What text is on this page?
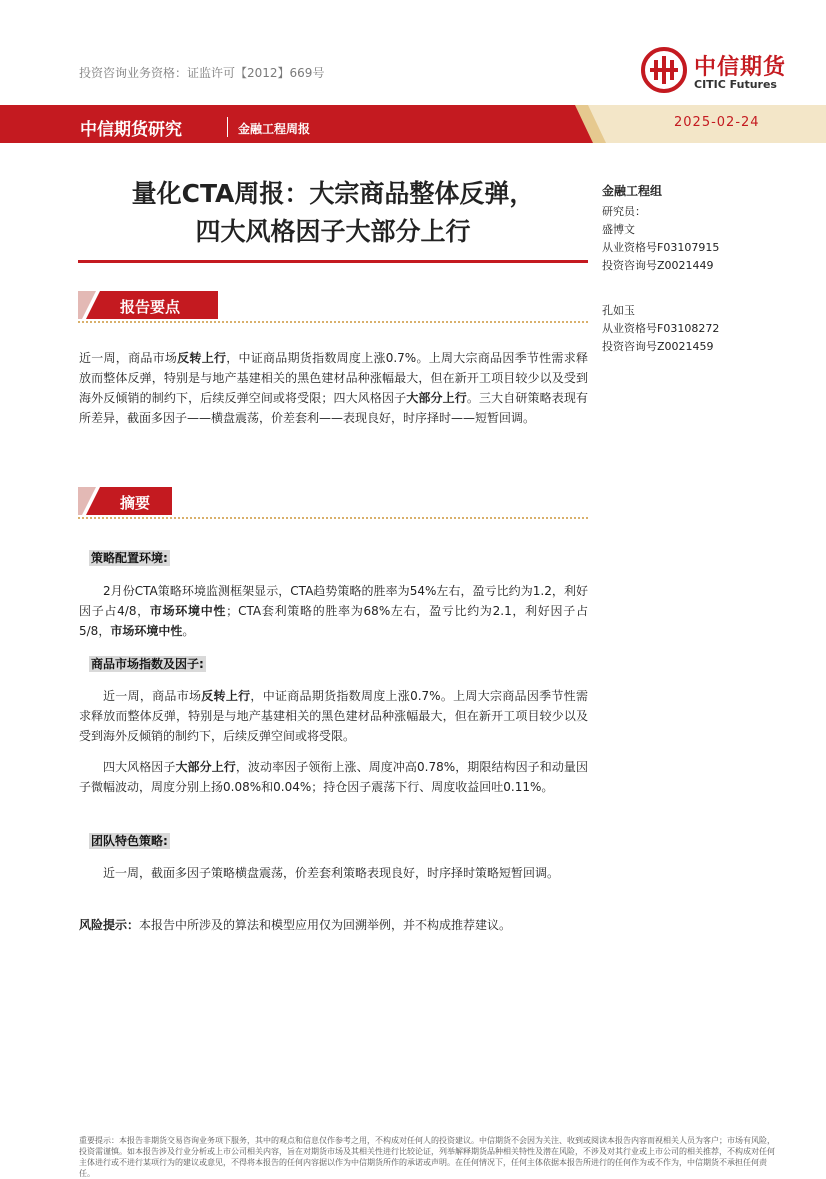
投资咨询业务资格：证监许可【2012】669号	中信期货
CITIC Futures
中信期货研究	金融工程周报	2025-02-24
量化CTA周报：大宗商品整体反弹，
四大风格因子大部分上行
金融工程组
研究员：
盛博文
从业资格号F03107915
投资咨询号Z0021449
孔如玉
从业资格号F03108272
投资咨询号Z0021459
报告要点
近一周，商品市场反转上行，中证商品期货指数周度上涨0.7%。上周大宗商品因季节性需求释放而整体反弹，特别是与地产基建相关的黑色建材品种涨幅最大，但在新开工项目较少以及受到海外反倾销的制约下，后续反弹空间或将受限；四大风格因子大部分上行。三大自研策略表现有所差异，截面多因子——横盘震荡，价差套利——表现良好，时序择时——短暂回调。
摘要
策略配置环境:
2月份CTA策略环境监测框架显示，CTA趋势策略的胜率为54%左右，盈亏比约为1.2，利好因子占4/8，市场环境中性；CTA套利策略的胜率为68%左右，盈亏比约为2.1，利好因子占5/8，市场环境中性。
商品市场指数及因子:
近一周，商品市场反转上行，中证商品期货指数周度上涨0.7%。上周大宗商品因季节性需求释放而整体反弹，特别是与地产基建相关的黑色建材品种涨幅最大，但在新开工项目较少以及受到海外反倾销的制约下，后续反弹空间或将受限。
四大风格因子大部分上行，波动率因子领衔上涨、周度冲高0.78%，期限结构因子和动量因子微幅波动，周度分别上扬0.08%和0.04%；持仓因子震荡下行、周度收益回吐0.11%。
团队特色策略:
近一周，截面多因子策略横盘震荡，价差套利策略表现良好，时序择时策略短暂回调。
风险提示：本报告中所涉及的算法和模型应用仅为回溯举例，并不构成推荐建议。
重要提示：本报告非期货交易咨询业务项下服务，其中的观点和信息仅作参考之用，不构成对任何人的投资建议。中信期货不会因为关注、收到或阅读本报告内容而视相关人员为客户；市场有风险，投资需谨慎。如本报告涉及行业分析或上市公司相关内容，旨在对期货市场及其相关性进行比较论证，列举解释期货品种相关特性及潜在风险，不涉及对其行业或上市公司的相关推荐，不构成对任何主体进行或不进行某项行为的建议或意见，不得将本报告的任何内容据以作为中信期货所作的承诺或声明。在任何情况下，任何主体依据本报告所进行的任何作为或不作为，中信期货不承担任何责任。
